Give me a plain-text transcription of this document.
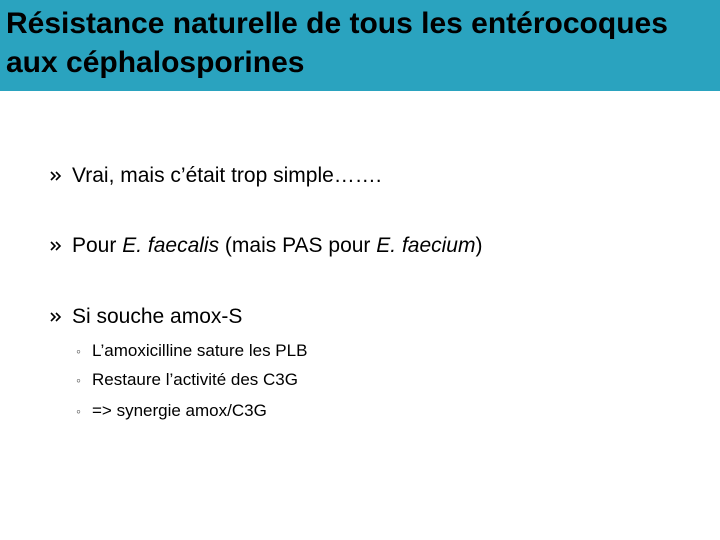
Résistance naturelle de tous les entérocoques
aux céphalosporines
Vrai, mais c’était trop simple…….
Pour E. faecalis (mais PAS pour E. faecium)
Si souche amox-S
◦ L’amoxicilline sature les PLB
◦ Restaure l’activité des C3G
◦ => synergie amox/C3G
